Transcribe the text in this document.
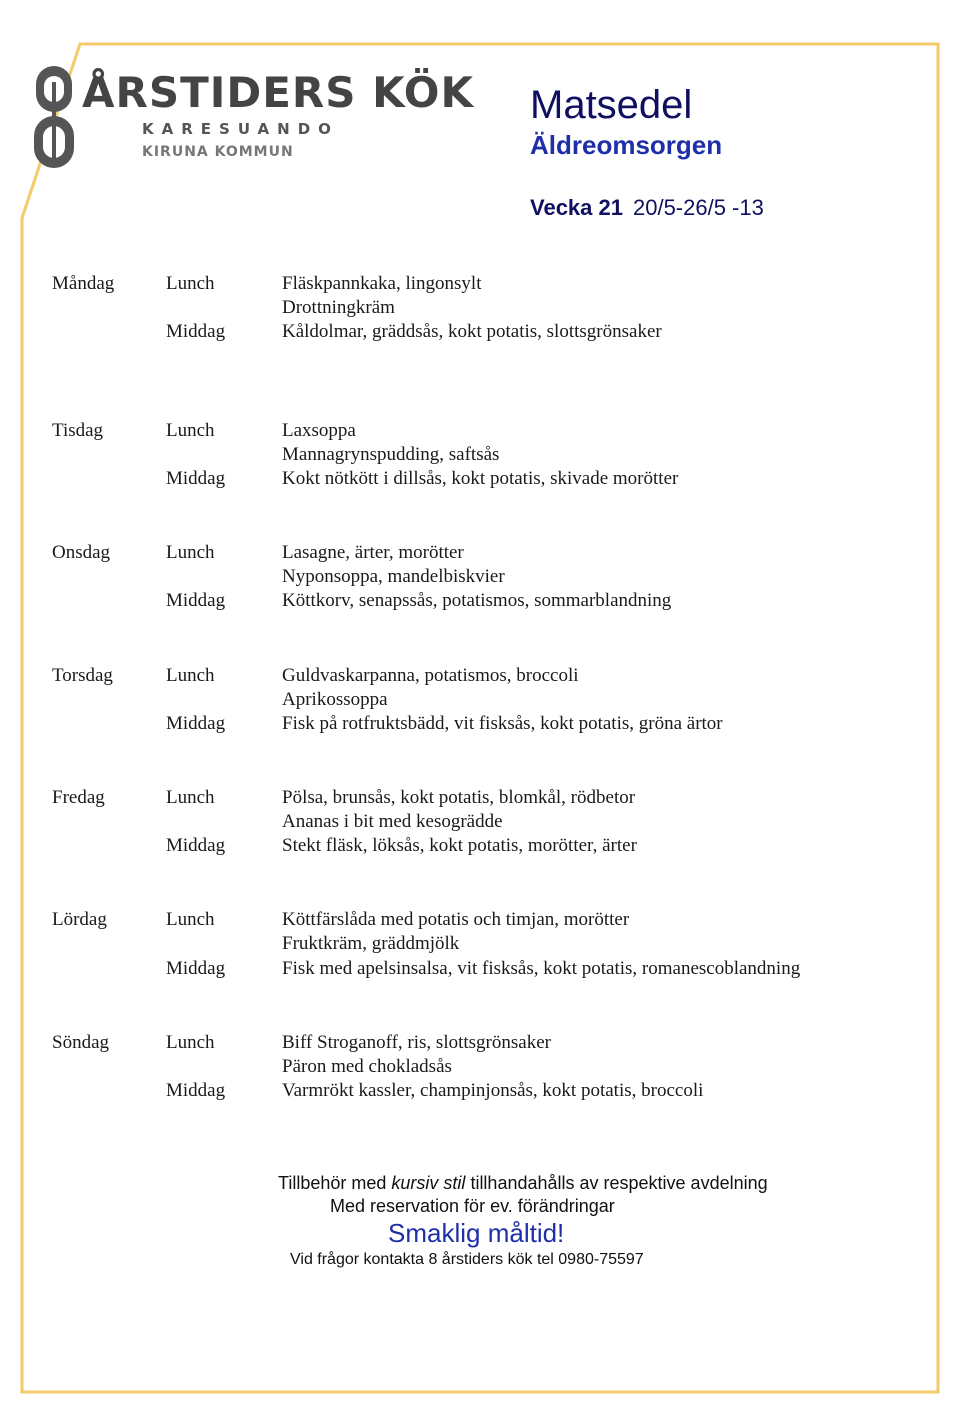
ÅRSTIDERS KÖK
KARESUANDO
KIRUNA KOMMUN
Matsedel
Äldreomsorgen
Vecka 21 20/5-26/5 -13
Måndag	Lunch	Fläskpannkaka, lingonsylt
Drottningkräm
Middag	Kåldolmar, gräddsås, kokt potatis, slottsgrönsaker
Tisdag	Lunch	Laxsoppa
Mannagrynspudding, saftsås
Middag	Kokt nötkött i dillsås, kokt potatis, skivade morötter
Onsdag	Lunch	Lasagne, ärter, morötter
Nyponsoppa, mandelbiskvier
Middag	Köttkorv, senapssås, potatismos, sommarblandning
Torsdag	Lunch	Guldvaskarpanna, potatismos, broccoli
Aprikossoppa
Middag	Fisk på rotfruktsbädd, vit fisksås, kokt potatis, gröna ärtor
Fredag	Lunch	Pölsa, brunsås, kokt potatis, blomkål, rödbetor
Ananas i bit med kesogrädde
Middag	Stekt fläsk, löksås, kokt potatis, morötter, ärter
Lördag	Lunch	Köttfärslåda med potatis och timjan, morötter
Fruktkräm, gräddmjölk
Middag	Fisk med apelsinsalsa, vit fisksås, kokt potatis, romanescoblandning
Söndag	Lunch	Biff Stroganoff, ris, slottsgrönsaker
Päron med chokladsås
Middag	Varmrökt kassler, champinjonsås, kokt potatis, broccoli
Tillbehör med kursiv stil tillhandahålls av respektive avdelning
Med reservation för ev. förändringar
Smaklig måltid!
Vid frågor kontakta 8 årstiders kök tel 0980-75597
